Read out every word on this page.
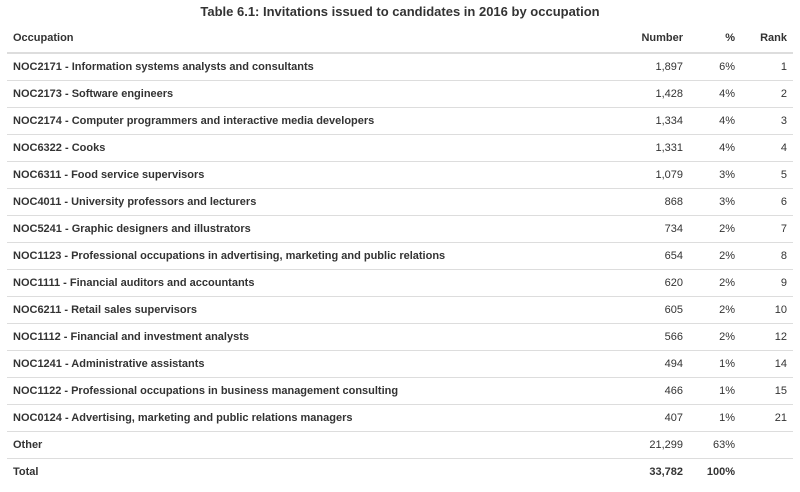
Table 6.1: Invitations issued to candidates in 2016 by occupation
Occupation	Number	%	Rank
NOC2171 - Information systems analysts and consultants	1,897	6%	1
NOC2173 - Software engineers	1,428	4%	2
NOC2174 - Computer programmers and interactive media developers	1,334	4%	3
NOC6322 - Cooks	1,331	4%	4
NOC6311 - Food service supervisors	1,079	3%	5
NOC4011 - University professors and lecturers	868	3%	6
NOC5241 - Graphic designers and illustrators	734	2%	7
NOC1123 - Professional occupations in advertising, marketing and public relations	654	2%	8
NOC1111 - Financial auditors and accountants	620	2%	9
NOC6211 - Retail sales supervisors	605	2%	10
NOC1112 - Financial and investment analysts	566	2%	12
NOC1241 - Administrative assistants	494	1%	14
NOC1122 - Professional occupations in business management consulting	466	1%	15
NOC0124 - Advertising, marketing and public relations managers	407	1%	21
Other	21,299	63%	
Total	33,782	100%	
